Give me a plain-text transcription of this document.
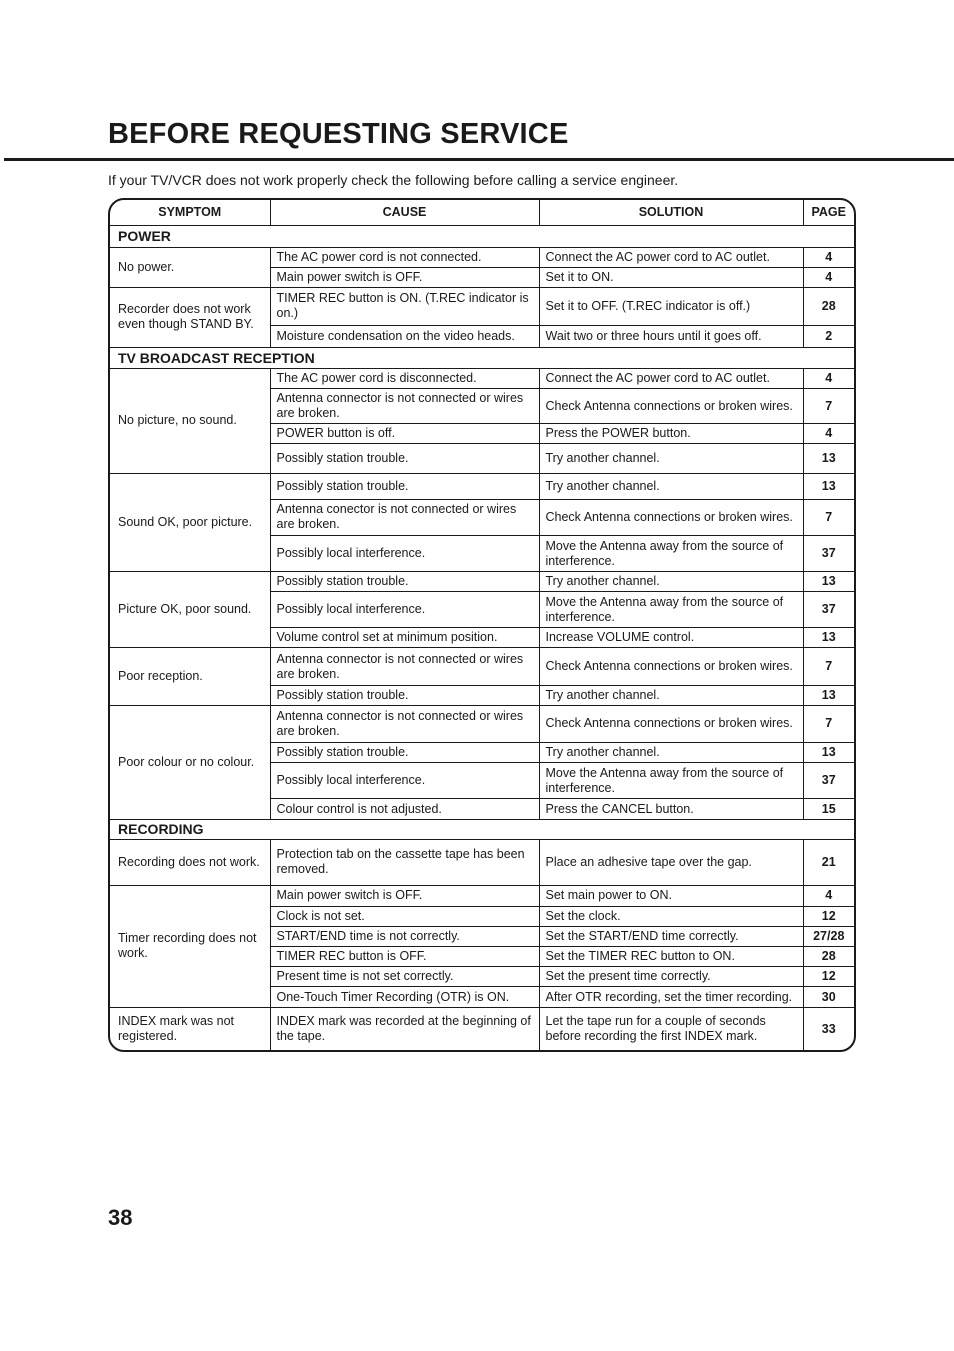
BEFORE REQUESTING SERVICE

If your TV/VCR does not work properly check the following before calling a service engineer.

SYMPTOM	CAUSE	SOLUTION	PAGE
POWER			
No power.	The AC power cord is not connected.	Connect the AC power cord to AC outlet.	4
	Main power switch is OFF.	Set it to ON.	4
Recorder does not work even though STAND BY.	TIMER REC button is ON. (T.REC indicator is on.)	Set it to OFF. (T.REC indicator is off.)	28
	Moisture condensation on the video heads.	Wait two or three hours until it goes off.	2
TV BROADCAST RECEPTION			
No picture, no sound.	The AC power cord is disconnected.	Connect the AC power cord to AC outlet.	4
	Antenna connector is not connected or wires are broken.	Check Antenna connections or broken wires.	7
	POWER button is off.	Press the POWER button.	4
	Possibly station trouble.	Try another channel.	13
Sound OK, poor picture.	Possibly station trouble.	Try another channel.	13
	Antenna conector is not connected or wires are broken.	Check Antenna connections or broken wires.	7
	Possibly local interference.	Move the Antenna away from the source of interference.	37
Picture OK, poor sound.	Possibly station trouble.	Try another channel.	13
	Possibly local interference.	Move the Antenna away from the source of interference.	37
	Volume control set at minimum position.	Increase VOLUME control.	13
Poor reception.	Antenna connector is not connected or wires are broken.	Check Antenna connections or broken wires.	7
	Possibly station trouble.	Try another channel.	13
Poor colour or no colour.	Antenna connector is not connected or wires are broken.	Check Antenna connections or broken wires.	7
	Possibly station trouble.	Try another channel.	13
	Possibly local interference.	Move the Antenna away from the source of interference.	37
	Colour control is not adjusted.	Press the CANCEL button.	15
RECORDING			
Recording does not work.	Protection tab on the cassette tape has been removed.	Place an adhesive tape over the gap.	21
Timer recording does not work.	Main power switch is OFF.	Set main power to ON.	4
	Clock is not set.	Set the clock.	12
	START/END time is not correctly.	Set the START/END time correctly.	27/28
	TIMER REC button is OFF.	Set the TIMER REC button to ON.	28
	Present time is not set correctly.	Set the present time correctly.	12
	One-Touch Timer Recording (OTR) is ON.	After OTR recording, set the timer recording.	30
INDEX mark was not registered.	INDEX mark was recorded at the beginning of the tape.	Let the tape run for a couple of seconds before recording the first INDEX mark.	33

38
